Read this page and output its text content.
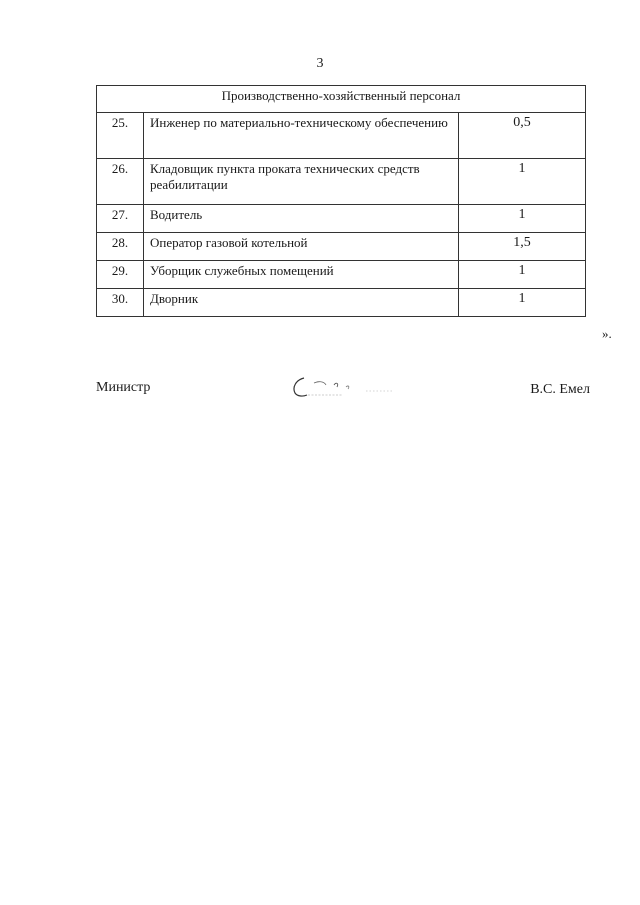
3
Производственно-хозяйственный персонал		
25.	Инженер по материально-техническому обеспечению	0,5
26.	Кладовщик пункта проката технических средств реабилитации	1
27.	Водитель	1
28.	Оператор газовой котельной	1,5
29.	Уборщик служебных помещений	1
30.	Дворник	1
».
Министр	В.С. Емел
